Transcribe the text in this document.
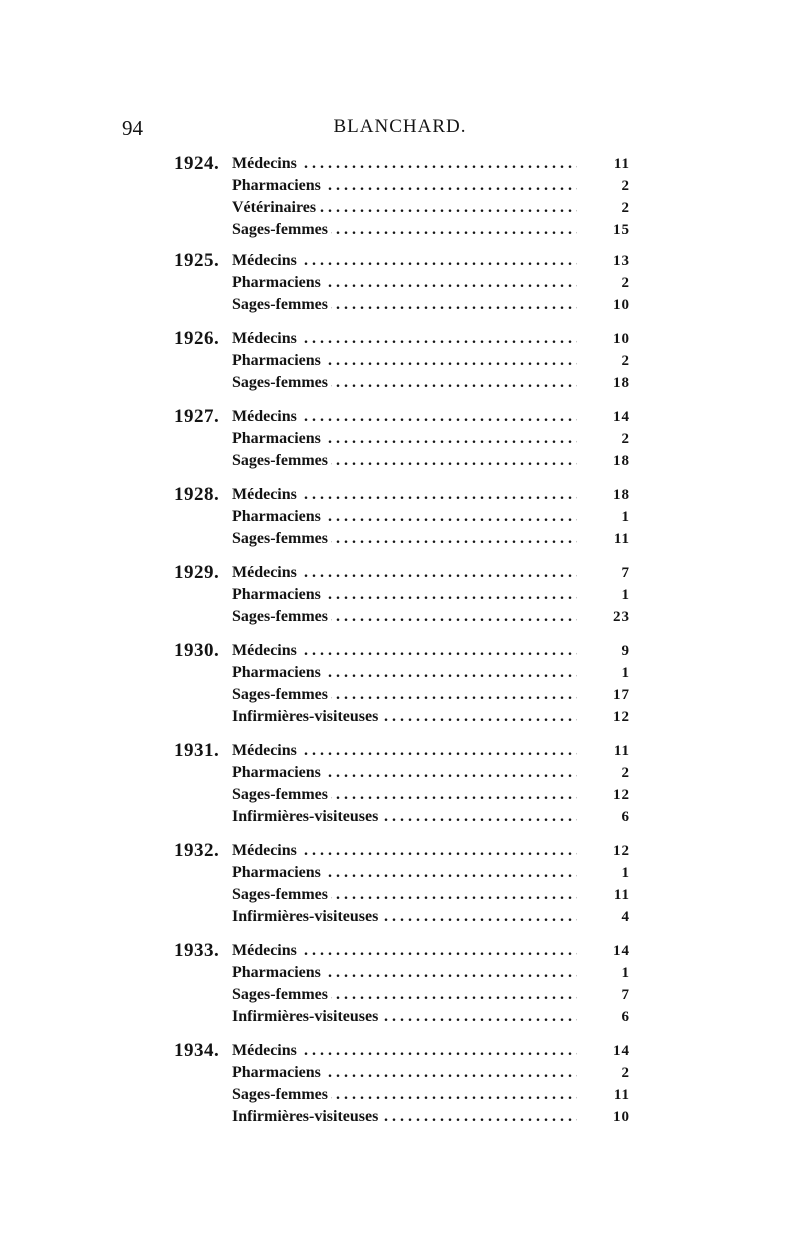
94	BLANCHARD.
1924. Médecins . . .	11
Pharmaciens . . .	2
Vétérinaires . . .	2
Sages-femmes . . .	15
1925. Médecins . . .	13
Pharmaciens . . .	2
Sages-femmes . . .	10
1926. Médecins . . .	10
Pharmaciens . . .	2
Sages-femmes . . .	18
1927. Médecins . . .	14
Pharmaciens . . .	2
Sages-femmes . . .	18
1928. Médecins . . .	18
Pharmaciens . . .	1
Sages-femmes . . .	11
1929. Médecins . . .	7
Pharmaciens . . .	1
Sages-femmes . . .	23
1930. Médecins . . .	9
Pharmaciens . . .	1
Sages-femmes . . .	17
Infirmières-visiteuses . . .	12
1931. Médecins . . .	11
Pharmaciens . . .	2
Sages-femmes . . .	12
Infirmières-visiteuses . . .	6
1932. Médecins . . .	12
Pharmaciens . . .	1
Sages-femmes . . .	11
Infirmières-visiteuses . . .	4
1933. Médecins . . .	14
Pharmaciens . . .	1
Sages-femmes . . .	7
Infirmières-visiteuses . . .	6
1934. Médecins . . .	14
Pharmaciens . . .	2
Sages-femmes . . .	11
Infirmières-visiteuses . . .	10
